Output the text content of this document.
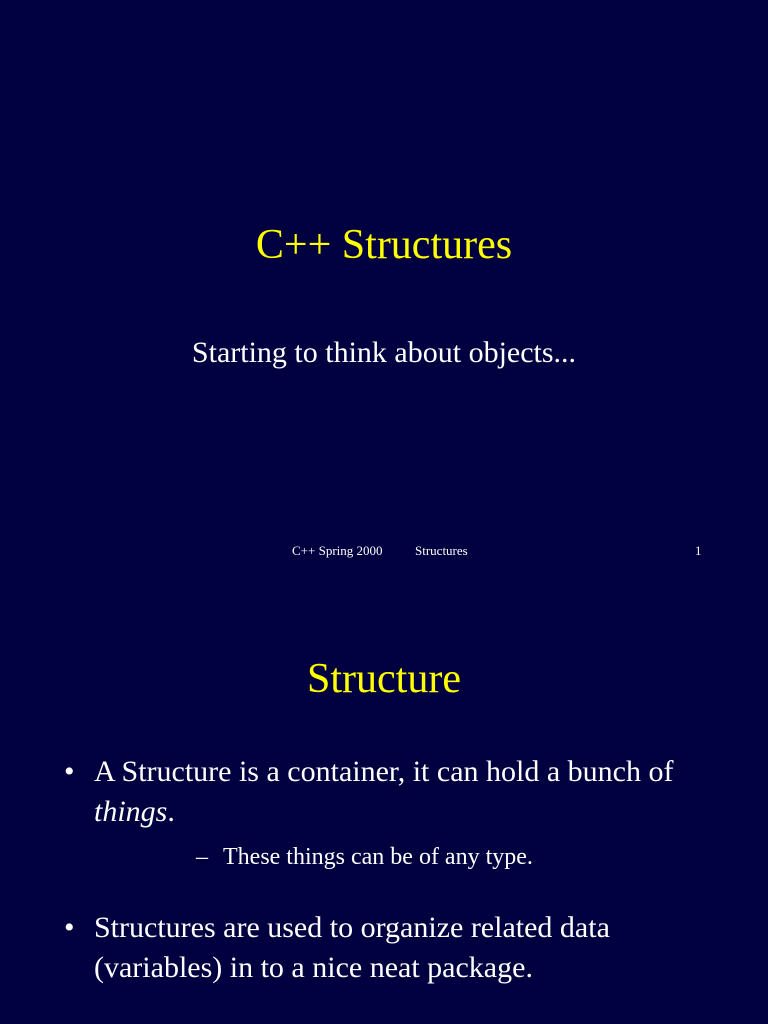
C++ Structures
Starting to think about objects...
C++ Spring 2000 Structures	1
Structure
• A Structure is a container, it can hold a bunch of things.
– These things can be of any type.
• Structures are used to organize related data (variables) in to a nice neat package.
